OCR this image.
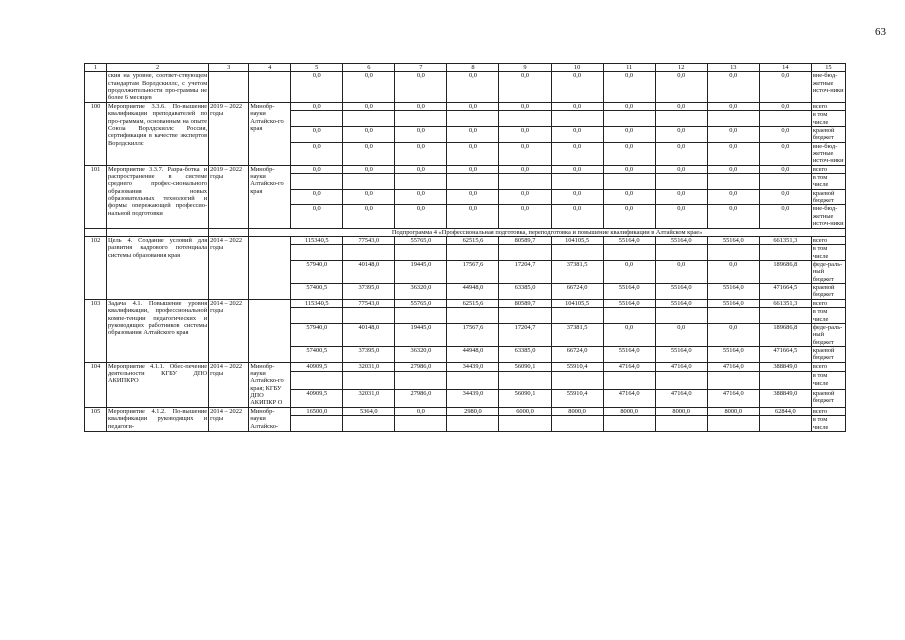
63
1	2	3	4	5	6	7	8	9	10	11	12	13	14	15
	ския на уровне, соответ-ствующем стандартам Ворлдскиллс, с учетом продолжительности про-граммы не более 6 месяцев			0,0	0,0	0,0	0,0	0,0	0,0	0,0	0,0	0,0	0,0	вне-бюд-жетные источ-ники
100	Мероприятие 3.3.6. По-вышение квалификации преподавателей по про-граммам, основанным на опыте Союза Ворлдскиллс Россия, сертификация в качестве экспертов Ворлдскиллс	2019 – 2022 годы	Минобр-науки Алтайско-го края	0,0	0,0	0,0	0,0	0,0	0,0	0,0	0,0	0,0	0,0	всего
														в том числе
				0,0	0,0	0,0	0,0	0,0	0,0	0,0	0,0	0,0	0,0	краевой бюджет
				0,0	0,0	0,0	0,0	0,0	0,0	0,0	0,0	0,0	0,0	вне-бюд-жетные источ-ники
101	Мероприятие 3.3.7. Разра-ботка и распространение в системе среднего профес-сионального образования новых образовательных технологий и формы опережающей профессио-нальной подготовки	2019 – 2022 годы	Минобр-науки Алтайско-го края	0,0	0,0	0,0	0,0	0,0	0,0	0,0	0,0	0,0	0,0	всего
														в том числе
				0,0	0,0	0,0	0,0	0,0	0,0	0,0	0,0	0,0	0,0	краевой бюджет
				0,0	0,0	0,0	0,0	0,0	0,0	0,0	0,0	0,0	0,0	вне-бюд-жетные источ-ники
			Подпрограмма 4 «Профессиональная подготовка, переподготовка и повышение квалификации в Алтайском крае»											
102	Цель 4. Создание условий для развития кадрового потенциала системы образования края	2014 – 2022 годы		115340,5	77543,0	55765,0	62515,6	80589,7	104105,5	55164,0	55164,0	55164,0	661351,3	всего
														в том числе
				57940,0	40148,0	19445,0	17567,6	17204,7	37381,5	0,0	0,0	0,0	189686,8	феде-раль-ный бюджет
				57400,5	37395,0	36320,0	44948,0	63385,0	66724,0	55164,0	55164,0	55164,0	471664,5	краевой бюджет
103	Задача 4.1. Повышение уровня квалификации, профессиональной компе-тенции педагогических и руководящих работников системы образования Алтайского края	2014 – 2022 годы		115340,5	77543,0	55765,0	62515,6	80589,7	104105,5	55164,0	55164,0	55164,0	661351,3	всего
														в том числе
				57940,0	40148,0	19445,0	17567,6	17204,7	37381,5	0,0	0,0	0,0	189686,8	феде-раль-ный бюджет
				57400,5	37395,0	36320,0	44948,0	63385,0	66724,0	55164,0	55164,0	55164,0	471664,5	краевой бюджет
104	Мероприятие 4.1.1. Обес-печение деятельности КГБУ ДПО АКИПКРО	2014 – 2022 годы	Минобр-науки Алтайско-го края; КГБУ ДПО АКИПКР О	40909,5	32031,0	27986,0	34439,0	56090,1	55910,4	47164,0	47164,0	47164,0	388849,0	всего
														в том числе
				40909,5	32031,0	27986,0	34439,0	56090,1	55910,4	47164,0	47164,0	47164,0	388849,0	краевой бюджет
105	Мероприятие 4.1.2. По-вышение квалификации руководящих и педагоги-	2014 – 2022 годы	Минобр-науки Алтайско-	16500,0	5364,0	0,0	2980,0	6000,0	8000,0	8000,0	8000,0	8000,0	62844,0	всего
														в том числе
